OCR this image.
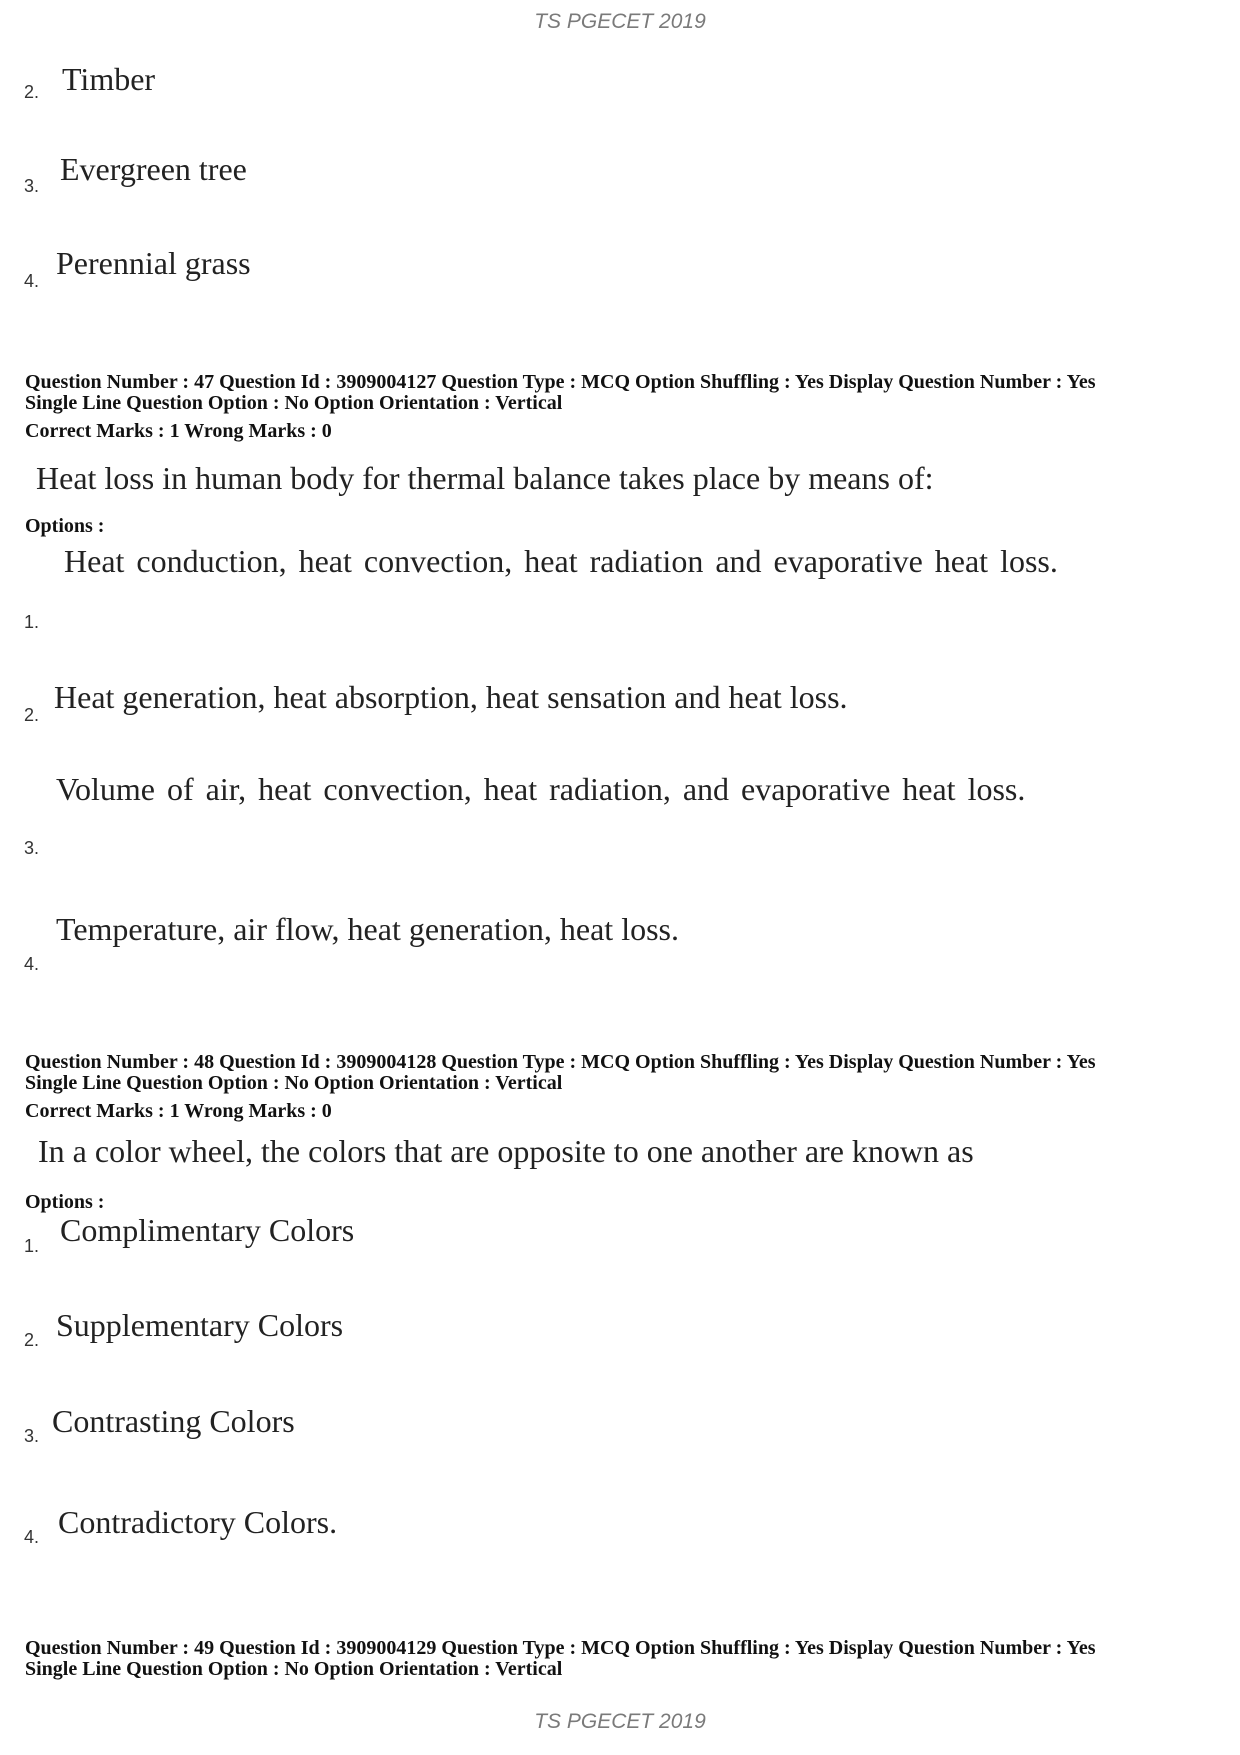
TS PGECET 2019
2. Timber
3. Evergreen tree
4. Perennial grass
Question Number : 47 Question Id : 3909004127 Question Type : MCQ Option Shuffling : Yes Display Question Number : Yes
Single Line Question Option : No Option Orientation : Vertical
Correct Marks : 1 Wrong Marks : 0
Heat loss in human body for thermal balance takes place by means of:
Options :
1.
Heat conduction, heat convection, heat radiation and evaporative heat loss.
2. Heat generation, heat absorption, heat sensation and heat loss.
3.
Volume of air, heat convection, heat radiation, and evaporative heat loss.
4.
Temperature, air flow, heat generation, heat loss.
Question Number : 48 Question Id : 3909004128 Question Type : MCQ Option Shuffling : Yes Display Question Number : Yes
Single Line Question Option : No Option Orientation : Vertical
Correct Marks : 1 Wrong Marks : 0
In a color wheel, the colors that are opposite to one another are known as
Options :
1. Complimentary Colors
2. Supplementary Colors
3. Contrasting Colors
4. Contradictory Colors.
Question Number : 49 Question Id : 3909004129 Question Type : MCQ Option Shuffling : Yes Display Question Number : Yes
Single Line Question Option : No Option Orientation : Vertical
TS PGECET 2019
